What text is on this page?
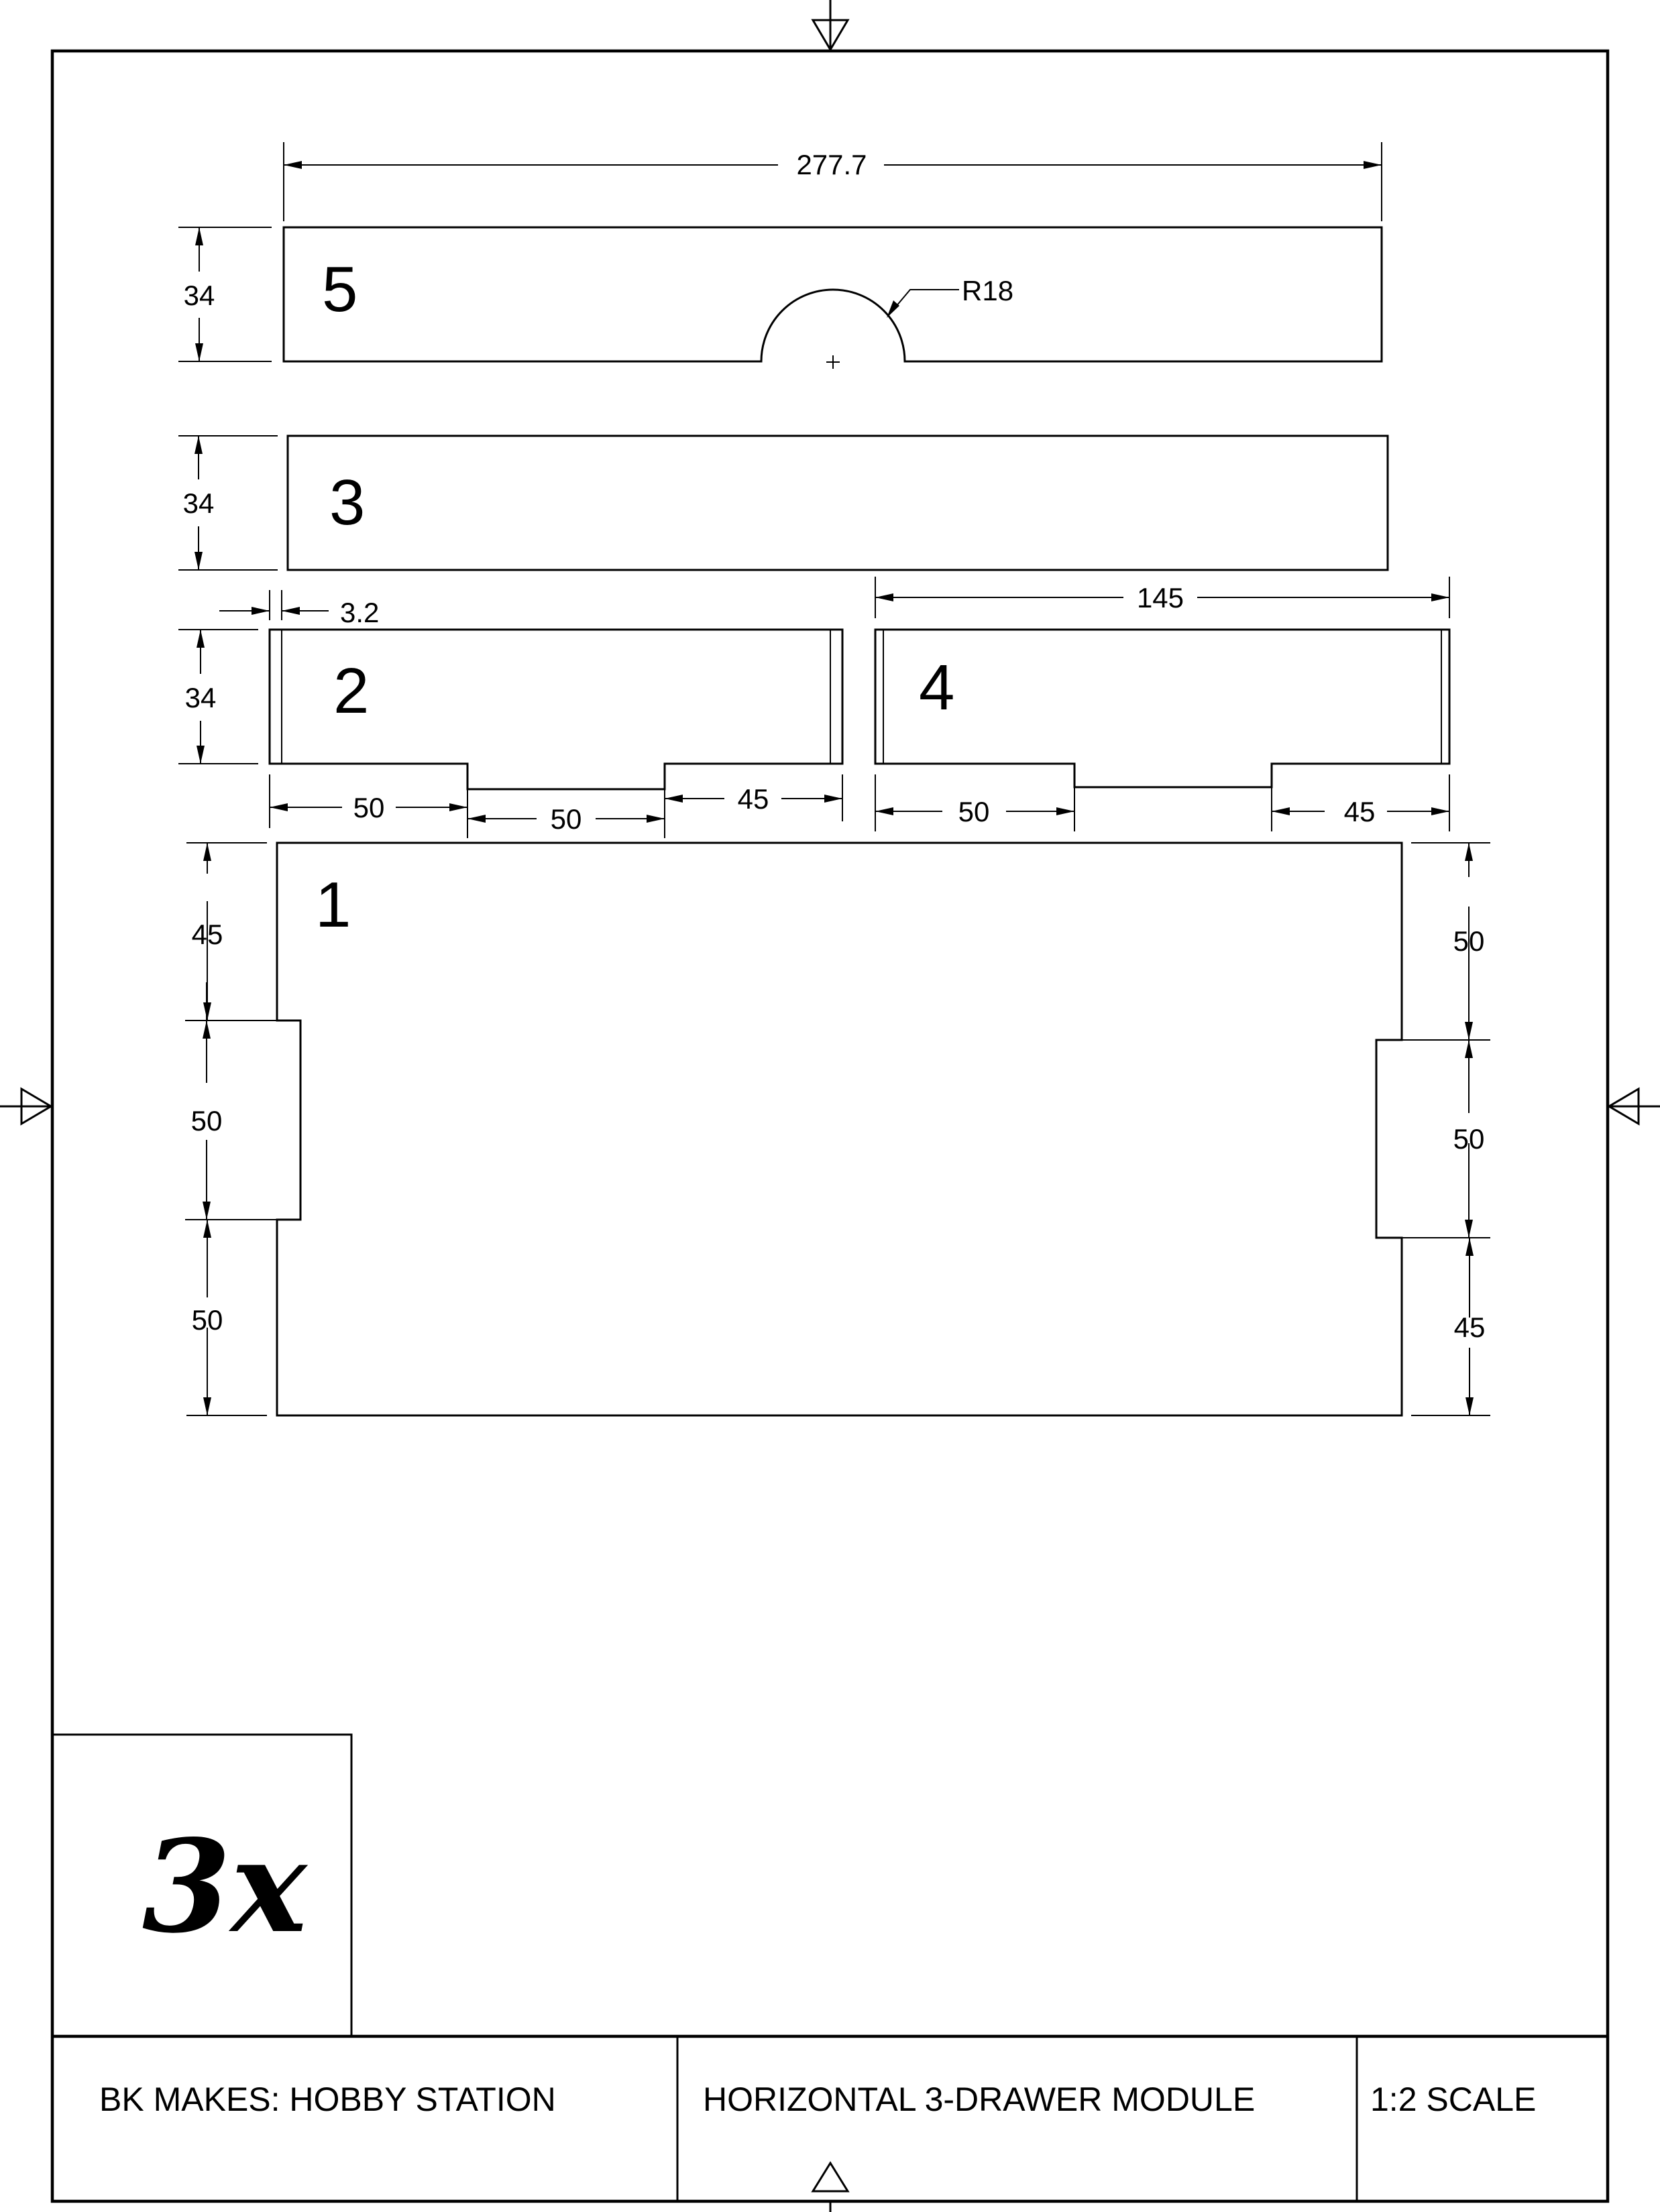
5
277.7
34	R18
3
34
2
34
3.2
50	50
45
4
145
50	45
1
45
50
50
50
50
45
3x
BK MAKES: HOBBY STATION	HORIZONTAL 3-DRAWER MODULE	1:2 SCALE
